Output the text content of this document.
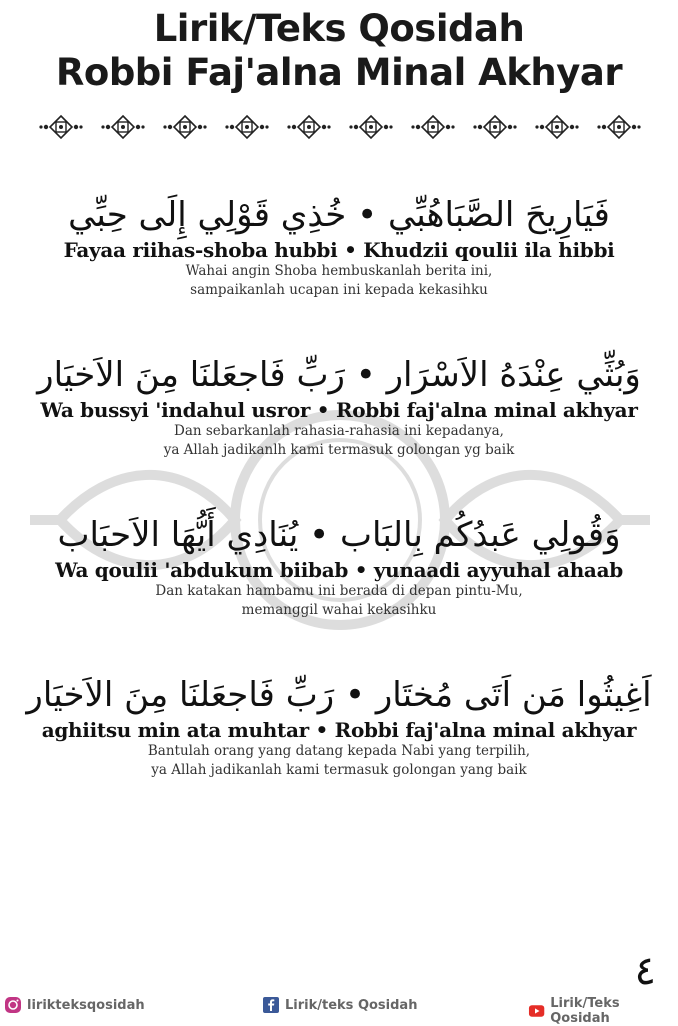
Lirik/Teks Qosidah
Robbi Faj'alna Minal Akhyar
فَيَارِيحَ الصَّبَاهُبِّي • خُذِي قَوْلِي إِلَى حِبِّي
Fayaa riihas-shoba hubbi • Khudzii qoulii ila hibbi
Wahai angin Shoba hembuskanlah berita ini,
sampaikanlah ucapan ini kepada kekasihku
وَبُثِّي عِنْدَهُ الاَسْرَار • رَبِّ فَاجعَلنَا مِنَ الاَخيَار
Wa bussyi 'indahul usror • Robbi faj'alna minal akhyar
Dan sebarkanlah rahasia-rahasia ini kepadanya,
ya Allah jadikanlh kami termasuk golongan yg baik
وَقُولِي عَبدُكُم بِالبَاب • يُنَادِي أَيُّهَا الاَحبَاب
Wa qoulii 'abdukum biibab • yunaadi ayyuhal ahaab
Dan katakan hambamu ini berada di depan pintu-Mu,
memanggil wahai kekasihku
اَغِيثُوا مَن اَتَى مُختَار • رَبِّ فَاجعَلنَا مِنَ الاَخيَار
aghiitsu min ata muhtar • Robbi faj'alna minal akhyar
Bantulah orang yang datang kepada Nabi yang terpilih,
ya Allah jadikanlah kami termasuk golongan yang baik
٤
lirikteksqosidah	Lirik/teks Qosidah	Lirik/Teks Qosidah
